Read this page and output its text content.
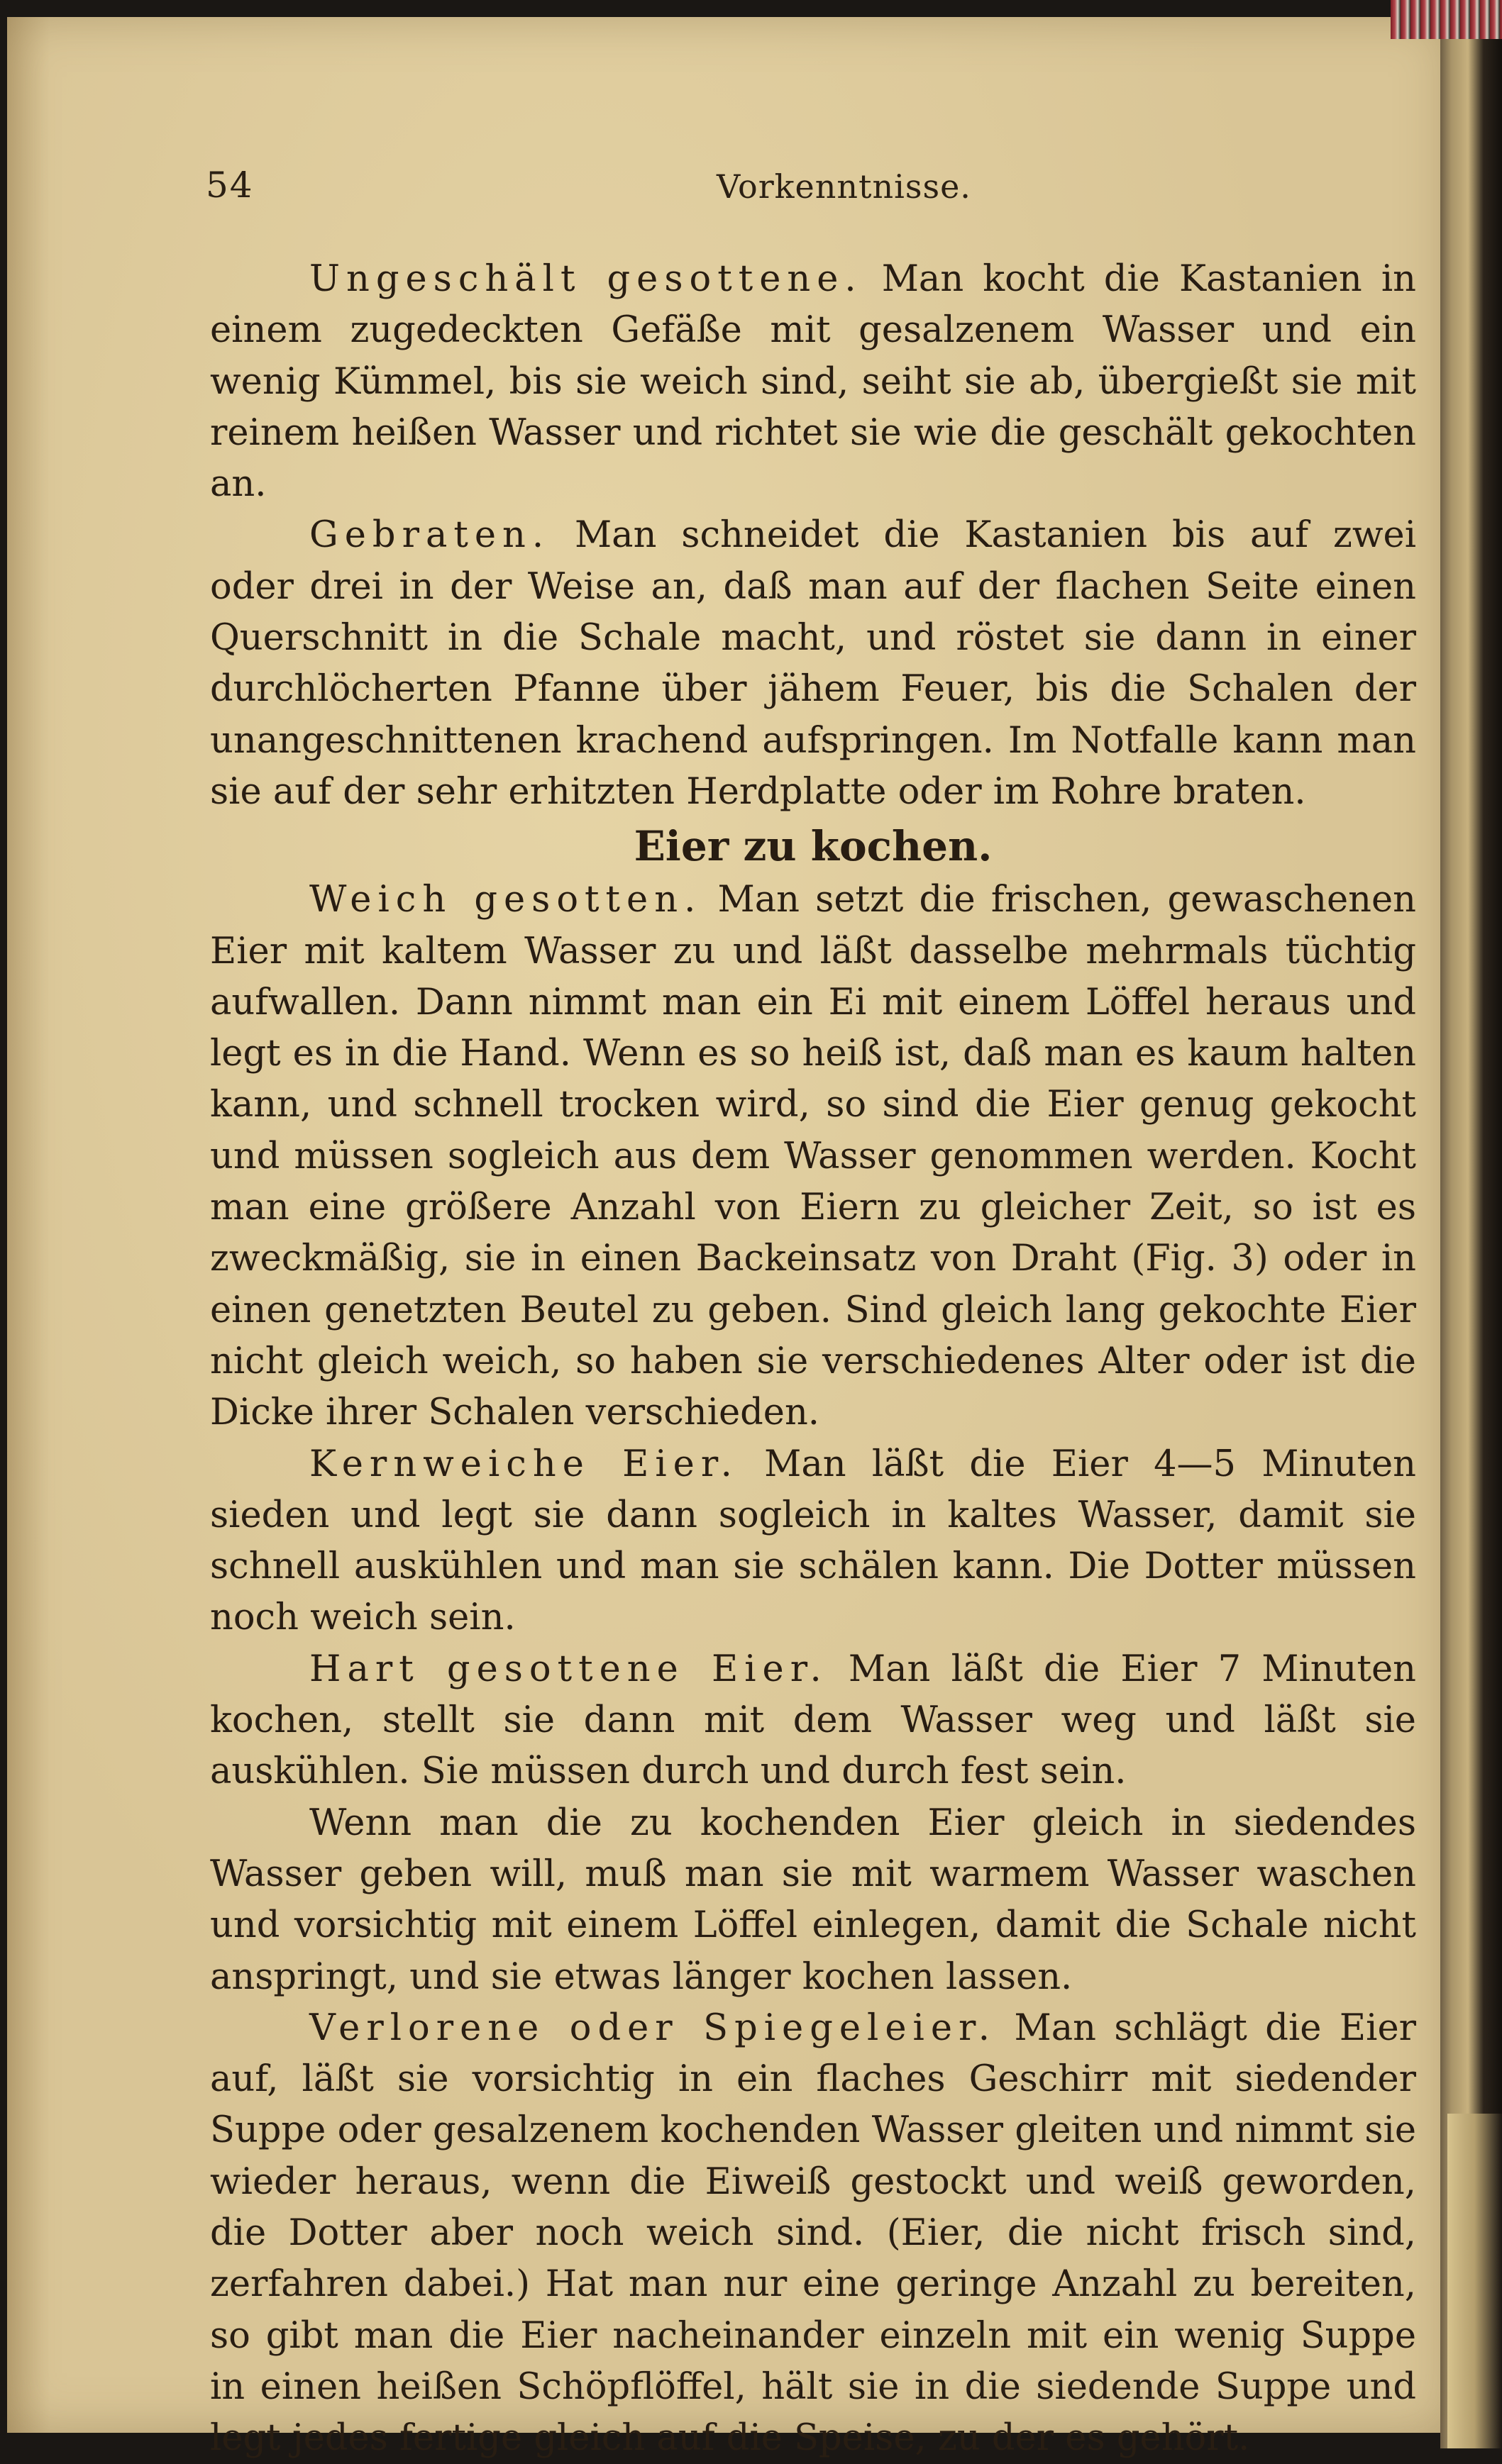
54	Vorkenntnisse.

Ungeschält gesottene. Man kocht die Kastanien in einem zugedeckten Gefäße mit gesalzenem Wasser und ein wenig Kümmel, bis sie weich sind, seiht sie ab, übergießt sie mit reinem heißen Wasser und richtet sie wie die geschält gekochten an.

Gebraten. Man schneidet die Kastanien bis auf zwei oder drei in der Weise an, daß man auf der flachen Seite einen Querschnitt in die Schale macht, und röstet sie dann in einer durchlöcherten Pfanne über jähem Feuer, bis die Schalen der unangeschnittenen krachend aufspringen. Im Notfalle kann man sie auf der sehr erhitzten Herdplatte oder im Rohre braten.

Eier zu kochen.

Weich gesotten. Man setzt die frischen, gewaschenen Eier mit kaltem Wasser zu und läßt dasselbe mehrmals tüchtig aufwallen. Dann nimmt man ein Ei mit einem Löffel heraus und legt es in die Hand. Wenn es so heiß ist, daß man es kaum halten kann, und schnell trocken wird, so sind die Eier genug gekocht und müssen sogleich aus dem Wasser genommen werden. Kocht man eine größere Anzahl von Eiern zu gleicher Zeit, so ist es zweckmäßig, sie in einen Backeinsatz von Draht (Fig. 3) oder in einen genetzten Beutel zu geben. Sind gleich lang gekochte Eier nicht gleich weich, so haben sie verschiedenes Alter oder ist die Dicke ihrer Schalen verschieden.

Kernweiche Eier. Man läßt die Eier 4—5 Minuten sieden und legt sie dann sogleich in kaltes Wasser, damit sie schnell auskühlen und man sie schälen kann. Die Dotter müssen noch weich sein.

Hart gesottene Eier. Man läßt die Eier 7 Minuten kochen, stellt sie dann mit dem Wasser weg und läßt sie auskühlen. Sie müssen durch und durch fest sein.

Wenn man die zu kochenden Eier gleich in siedendes Wasser geben will, muß man sie mit warmem Wasser waschen und vorsichtig mit einem Löffel einlegen, damit die Schale nicht anspringt, und sie etwas länger kochen lassen.

Verlorene oder Spiegeleier. Man schlägt die Eier auf, läßt sie vorsichtig in ein flaches Geschirr mit siedender Suppe oder gesalzenem kochenden Wasser gleiten und nimmt sie wieder heraus, wenn die Eiweiß gestockt und weiß geworden, die Dotter aber noch weich sind. (Eier, die nicht frisch sind, zerfahren dabei.) Hat man nur eine geringe Anzahl zu bereiten, so gibt man die Eier nacheinander einzeln mit ein wenig Suppe in einen heißen Schöpflöffel, hält sie in die siedende Suppe und legt jedes fertige gleich auf die Speise, zu der es gehört.
